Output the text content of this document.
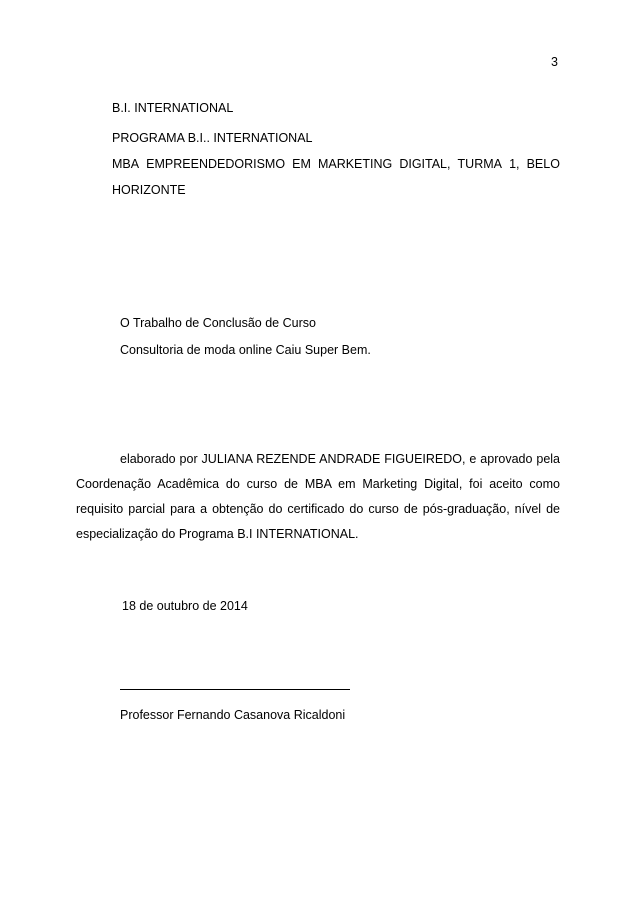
3
B.I. INTERNATIONAL
PROGRAMA B.I.. INTERNATIONAL
MBA EMPREENDEDORISMO EM MARKETING DIGITAL, TURMA 1, BELO
HORIZONTE
O Trabalho de Conclusão de Curso
Consultoria de moda online Caiu Super Bem.
elaborado por JULIANA REZENDE ANDRADE FIGUEIREDO, e aprovado pela Coordenação Acadêmica do curso de MBA em Marketing Digital, foi aceito como requisito parcial para a obtenção do certificado do curso de pós-graduação, nível de especialização do Programa B.I INTERNATIONAL.
18 de outubro de 2014
Professor Fernando Casanova Ricaldoni
